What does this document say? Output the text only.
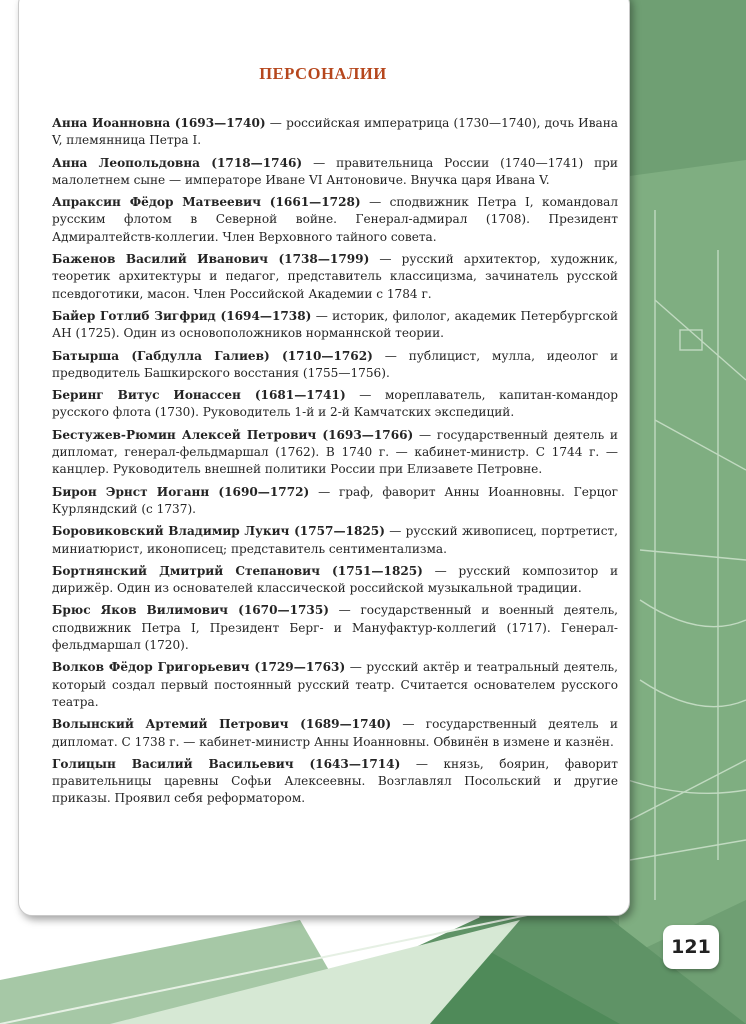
ПЕРСОНАЛИИ

Анна Иоанновна (1693—1740) — российская императрица (1730—1740), дочь Ивана V, племянница Петра I.

Анна Леопольдовна (1718—1746) — правительница России (1740—1741) при малолетнем сыне — императоре Иване VI Антоновиче. Внучка царя Ивана V.

Апраксин Фёдор Матвеевич (1661—1728) — сподвижник Петра I, командовал русским флотом в Северной войне. Генерал-адмирал (1708). Президент Адмиралтейств-коллегии. Член Верховного тайного совета.

Баженов Василий Иванович (1738—1799) — русский архитектор, художник, теоретик архитектуры и педагог, представитель классицизма, зачинатель русской псевдоготики, масон. Член Российской Академии с 1784 г.

Байер Готлиб Зигфрид (1694—1738) — историк, филолог, академик Петербургской АН (1725). Один из основоположников норманнской теории.

Батырша (Габдулла Галиев) (1710—1762) — публицист, мулла, идеолог и предводитель Башкирского восстания (1755—1756).

Беринг Витус Ионассен (1681—1741) — мореплаватель, капитан-командор русского флота (1730). Руководитель 1-й и 2-й Камчатских экспедиций.

Бестужев-Рюмин Алексей Петрович (1693—1766) — государственный деятель и дипломат, генерал-фельдмаршал (1762). В 1740 г. — кабинет-министр. С 1744 г. — канцлер. Руководитель внешней политики России при Елизавете Петровне.

Бирон Эрнст Иоганн (1690—1772) — граф, фаворит Анны Иоанновны. Герцог Курляндский (с 1737).

Боровиковский Владимир Лукич (1757—1825) — русский живописец, портретист, миниатюрист, иконописец; представитель сентиментализма.

Бортнянский Дмитрий Степанович (1751—1825) — русский композитор и дирижёр. Один из основателей классической российской музыкальной традиции.

Брюс Яков Вилимович (1670—1735) — государственный и военный деятель, сподвижник Петра I, Президент Берг- и Мануфактур-коллегий (1717). Генерал-фельдмаршал (1720).

Волков Фёдор Григорьевич (1729—1763) — русский актёр и театральный деятель, который создал первый постоянный русский театр. Считается основателем русского театра.

Волынский Артемий Петрович (1689—1740) — государственный деятель и дипломат. С 1738 г. — кабинет-министр Анны Иоанновны. Обвинён в измене и казнён.

Голицын Василий Васильевич (1643—1714) — князь, боярин, фаворит правительницы царевны Софьи Алексеевны. Возглавлял Посольский и другие приказы. Проявил себя реформатором.

121
